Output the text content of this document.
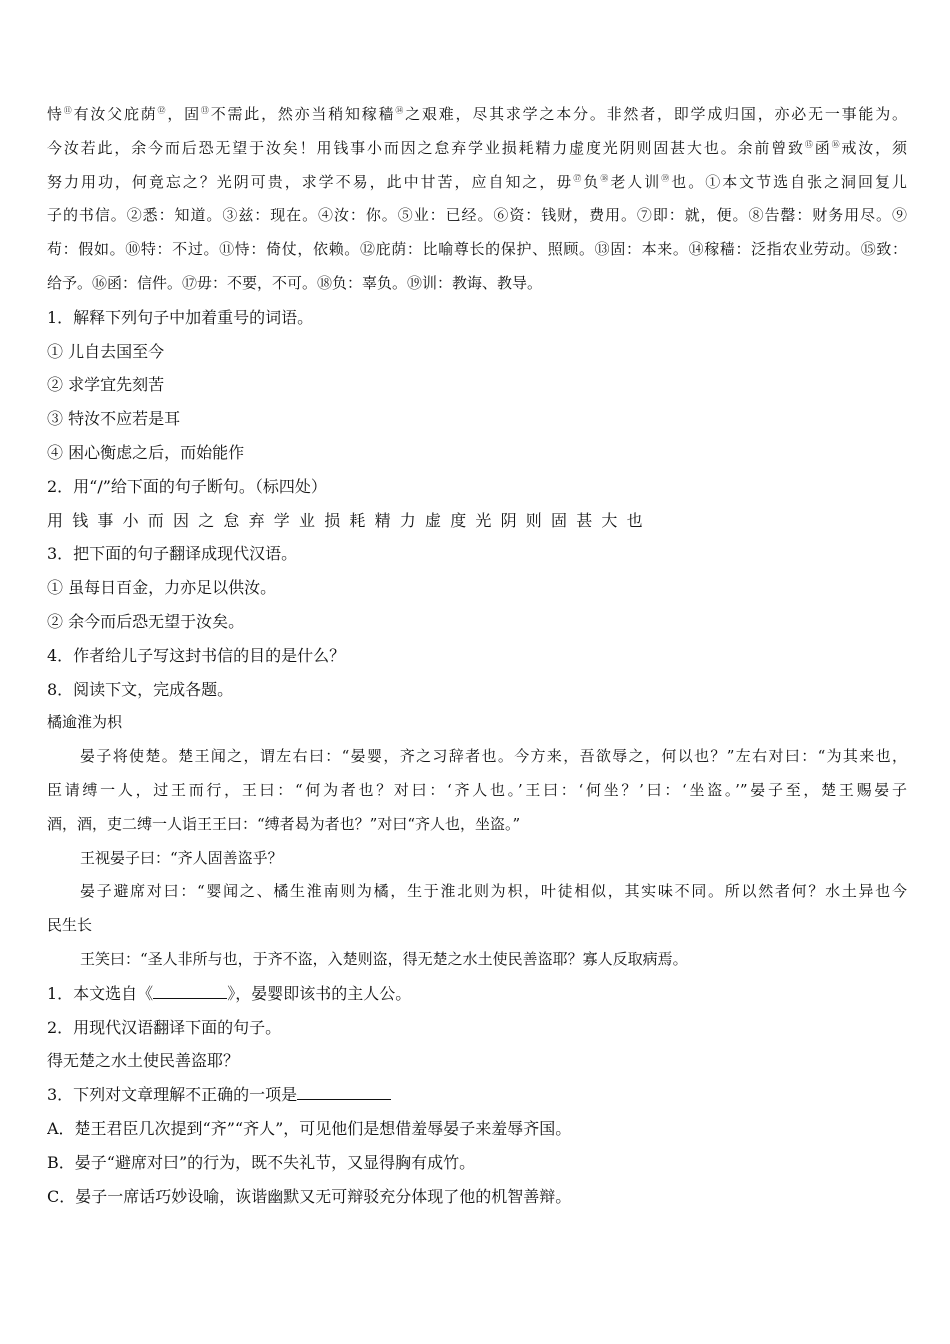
恃⑪有汝父庇荫⑫，固⑬不需此，然亦当稍知稼穑⑭之艰难，尽其求学之本分。非然者，即学成归国，亦必无一事能为。
今汝若此，余今而后恐无望于汝矣！用钱事小而因之怠弃学业损耗精力虚度光阴则固甚大也。余前曾致⑮函⑯戒汝，须
努力用功，何竟忘之？光阴可贵，求学不易，此中甘苦，应自知之，毋⑰负⑱老人训⑲也。①本文节选自张之洞回复儿
子的书信。②悉：知道。③兹：现在。④汝：你。⑤业：已经。⑥资：钱财，费用。⑦即：就，便。⑧告罄：财务用尽。⑨
苟：假如。⑩特：不过。⑪恃：倚仗，依赖。⑫庇荫：比喻尊长的保护、照顾。⑬固：本来。⑭稼穑：泛指农业劳动。⑮致：
给予。⑯函：信件。⑰毋：不要，不可。⑱负：辜负。⑲训：教诲、教导。
1．解释下列句子中加着重号的词语。
① 儿自去国至今
② 求学宜先刻苦
③ 特汝不应若是耳
④ 困心衡虑之后，而始能作
2．用“/”给下面的句子断句。（标四处）
用钱事小而因之怠弃学业损耗精力虚度光阴则固甚大也
3．把下面的句子翻译成现代汉语。
① 虽每日百金，力亦足以供汝。
② 余今而后恐无望于汝矣。
4．作者给儿子写这封书信的目的是什么？
8．阅读下文，完成各题。
橘逾淮为枳
晏子将使楚。楚王闻之，谓左右曰：“晏婴，齐之习辞者也。今方来，吾欲辱之，何以也？”左右对曰：“为其来也，
臣请缚一人，过王而行，王曰：“何为者也？对曰：‘齐人也。’王曰：‘何坐？’曰：‘坐盗。’”晏子至，楚王赐晏子
酒，酒，吏二缚一人诣王王曰：“缚者曷为者也？”对曰“齐人也，坐盗。”
王视晏子曰：“齐人固善盗乎？
晏子避席对曰：“婴闻之、橘生淮南则为橘，生于淮北则为枳，叶徒相似，其实味不同。所以然者何？水土异也今
民生长
王笑曰：“圣人非所与也，于齐不盗，入楚则盗，得无楚之水土使民善盗耶？寡人反取病焉。
1．本文选自《	》，晏婴即该书的主人公。
2．用现代汉语翻译下面的句子。
得无楚之水土使民善盗耶？
3．下列对文章理解不正确的一项是
A．楚王君臣几次提到“齐”“齐人”，可见他们是想借羞辱晏子来羞辱齐国。
B．晏子“避席对曰”的行为，既不失礼节，又显得胸有成竹。
C．晏子一席话巧妙设喻，诙谐幽默又无可辩驳充分体现了他的机智善辩。
